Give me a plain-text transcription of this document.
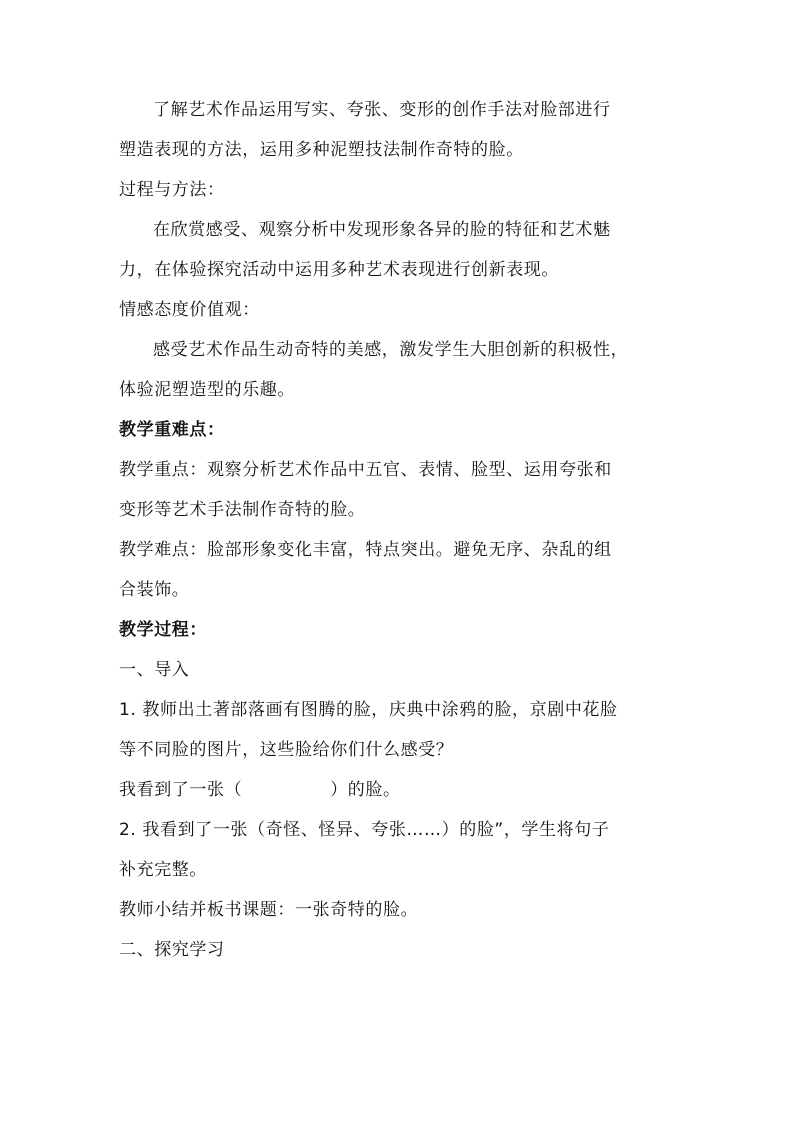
了解艺术作品运用写实、夸张、变形的创作手法对脸部进行
塑造表现的方法，运用多种泥塑技法制作奇特的脸。
过程与方法：
在欣赏感受、观察分析中发现形象各异的脸的特征和艺术魅
力，在体验探究活动中运用多种艺术表现进行创新表现。
情感态度价值观：
感受艺术作品生动奇特的美感，激发学生大胆创新的积极性，
体验泥塑造型的乐趣。
教学重难点：
教学重点：观察分析艺术作品中五官、表情、脸型、运用夸张和
变形等艺术手法制作奇特的脸。
教学难点：脸部形象变化丰富，特点突出。避免无序、杂乱的组
合装饰。
教学过程：
一、导入
1. 教师出土著部落画有图腾的脸，庆典中涂鸦的脸，京剧中花脸
等不同脸的图片，这些脸给你们什么感受？
我看到了一张（	）的脸。
2. 我看到了一张（奇怪、怪异、夸张……）的脸”，学生将句子
补充完整。
教师小结并板书课题：一张奇特的脸。
二、探究学习
